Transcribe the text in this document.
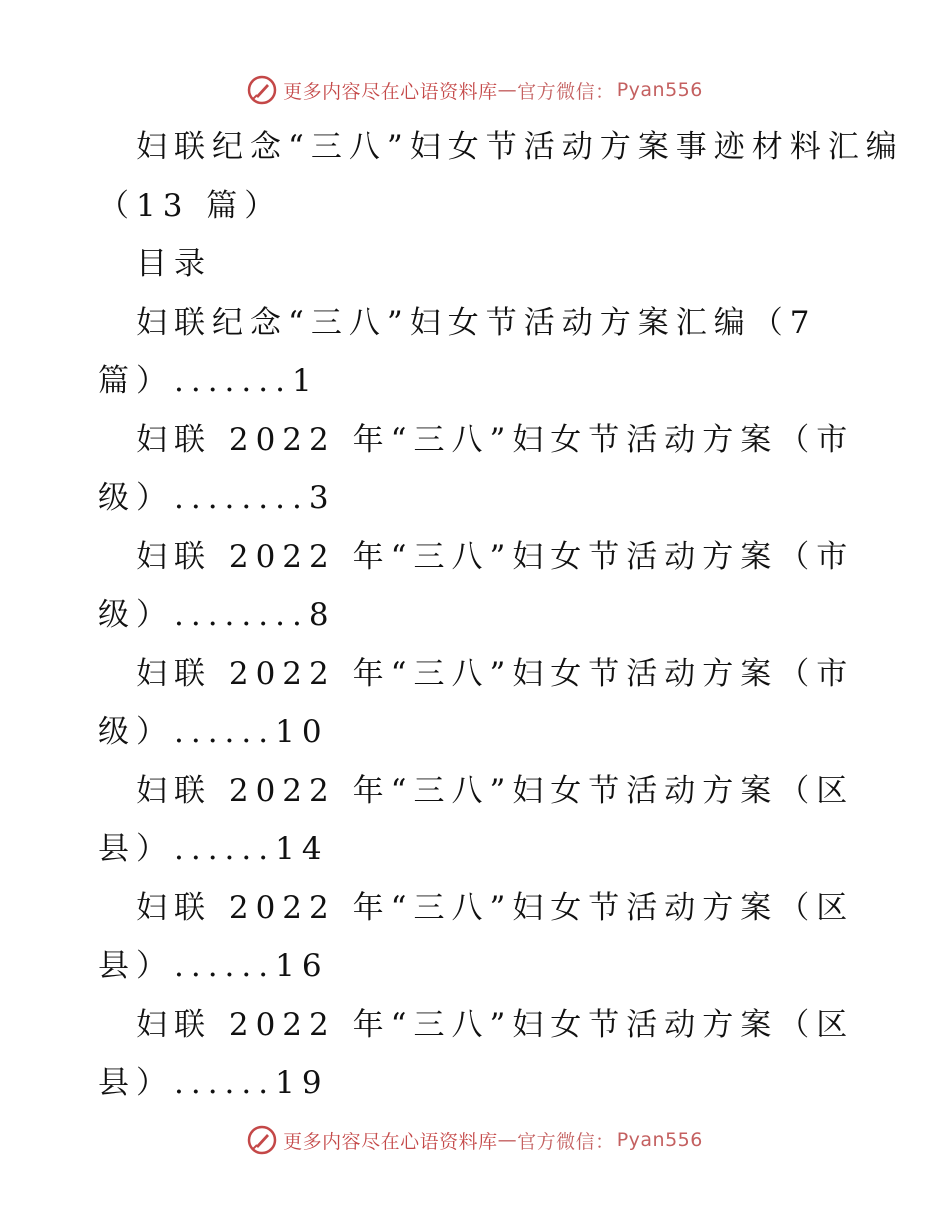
更多内容尽在心语资料库 — 官方微信： Pyan556
妇联纪念“三八”妇女节活动方案事迹材料汇编
（13 篇）
目录
妇联纪念“三八”妇女节活动方案汇编（7
篇）.......1
妇联 2022 年“三八”妇女节活动方案（市
级）........3
妇联 2022 年“三八”妇女节活动方案（市
级）........8
妇联 2022 年“三八”妇女节活动方案（市
级）......10
妇联 2022 年“三八”妇女节活动方案（区
县）......14
妇联 2022 年“三八”妇女节活动方案（区
县）......16
妇联 2022 年“三八”妇女节活动方案（区
县）......19
更多内容尽在心语资料库 — 官方微信： Pyan556
